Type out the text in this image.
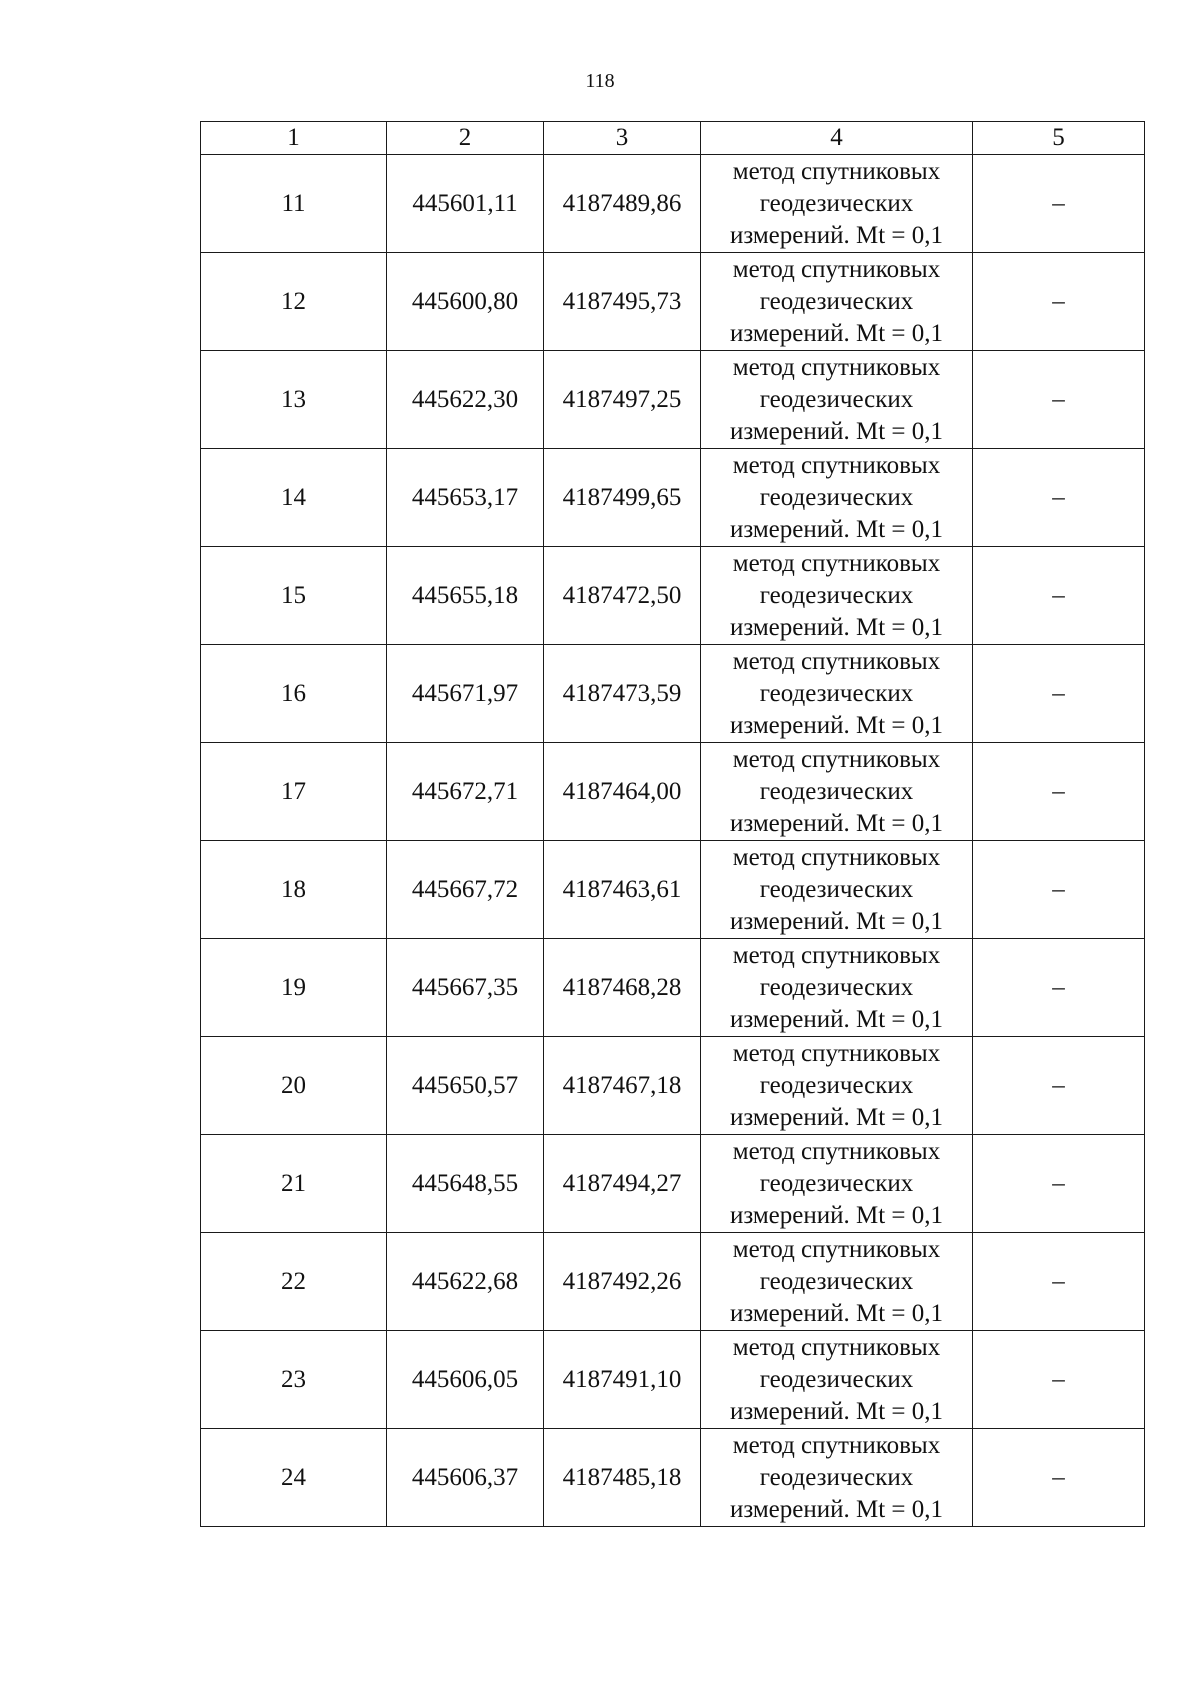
118
1	2	3	4	5
11	445601,11	4187489,86	метод спутниковых
геодезических
измерений. Mt = 0,1	–
12	445600,80	4187495,73	метод спутниковых
геодезических
измерений. Mt = 0,1	–
13	445622,30	4187497,25	метод спутниковых
геодезических
измерений. Mt = 0,1	–
14	445653,17	4187499,65	метод спутниковых
геодезических
измерений. Mt = 0,1	–
15	445655,18	4187472,50	метод спутниковых
геодезических
измерений. Mt = 0,1	–
16	445671,97	4187473,59	метод спутниковых
геодезических
измерений. Mt = 0,1	–
17	445672,71	4187464,00	метод спутниковых
геодезических
измерений. Mt = 0,1	–
18	445667,72	4187463,61	метод спутниковых
геодезических
измерений. Mt = 0,1	–
19	445667,35	4187468,28	метод спутниковых
геодезических
измерений. Mt = 0,1	–
20	445650,57	4187467,18	метод спутниковых
геодезических
измерений. Mt = 0,1	–
21	445648,55	4187494,27	метод спутниковых
геодезических
измерений. Mt = 0,1	–
22	445622,68	4187492,26	метод спутниковых
геодезических
измерений. Mt = 0,1	–
23	445606,05	4187491,10	метод спутниковых
геодезических
измерений. Mt = 0,1	–
24	445606,37	4187485,18	метод спутниковых
геодезических
измерений. Mt = 0,1	–
